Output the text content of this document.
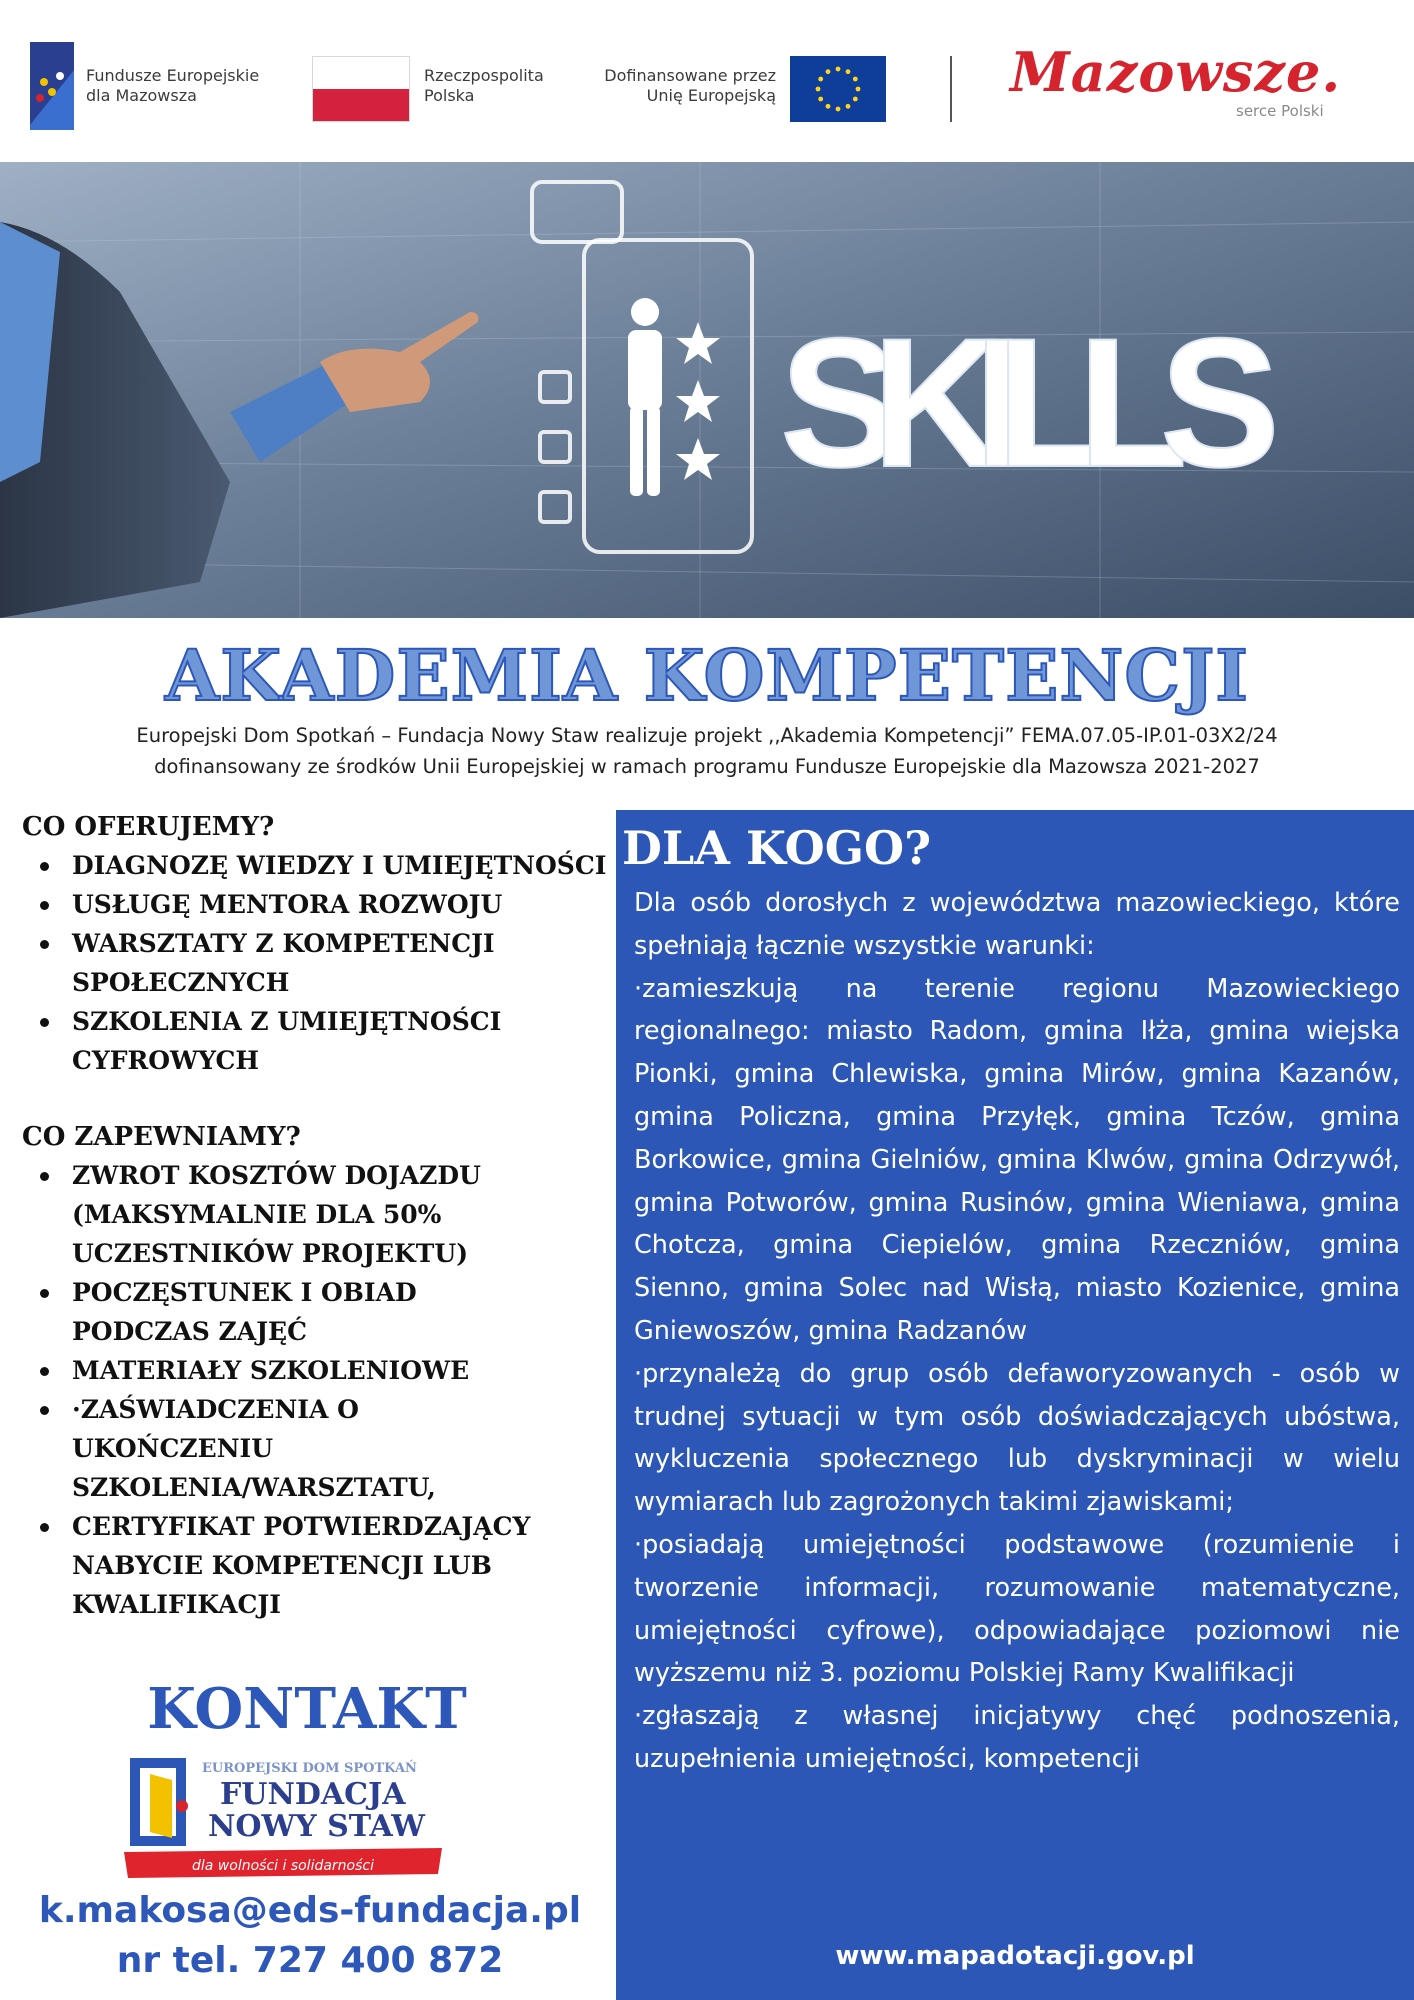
Fundusze Europejskie
dla Mazowsza
Rzeczpospolita
Polska
Dofinansowane przez
Unię Europejską	Mazowsze.
serce Polski
SKILLS
AKADEMIA KOMPETENCJI
Europejski Dom Spotkań – Fundacja Nowy Staw realizuje projekt ,,Akademia Kompetencji” FEMA.07.05-IP.01-03X2/24
dofinansowany ze środków Unii Europejskiej w ramach programu Fundusze Europejskie dla Mazowsza 2021-2027
CO OFERUJEMY?
DIAGNOZĘ WIEDZY I UMIEJĘTNOŚCI
USŁUGĘ MENTORA ROZWOJU
WARSZTATY Z KOMPETENCJI SPOŁECZNYCH
SZKOLENIA Z UMIEJĘTNOŚCI CYFROWYCH
CO ZAPEWNIAMY?
ZWROT KOSZTÓW DOJAZDU (MAKSYMALNIE DLA 50% UCZESTNIKÓW PROJEKTU)
POCZĘSTUNEK I OBIAD PODCZAS ZAJĘĆ
MATERIAŁY SZKOLENIOWE
·ZAŚWIADCZENIA O UKOŃCZENIU SZKOLENIA/WARSZTATU,
CERTYFIKAT POTWIERDZAJĄCY NABYCIE KOMPETENCJI LUB KWALIFIKACJI
KONTAKT
EUROPEJSKI DOM SPOTKAŃ
FUNDACJA
NOWY STAW
dla wolności i solidarności
k.makosa@eds-fundacja.pl
nr tel. 727 400 872
DLA KOGO?

Dla osób dorosłych z województwa mazowieckiego, które spełniają łącznie wszystkie warunki:

·zamieszkują na terenie regionu Mazowieckiego regionalnego: miasto Radom, gmina Iłża, gmina wiejska Pionki, gmina Chlewiska, gmina Mirów, gmina Kazanów, gmina Policzna, gmina Przyłęk, gmina Tczów, gmina Borkowice, gmina Gielniów, gmina Klwów, gmina Odrzywół, gmina Potworów, gmina Rusinów, gmina Wieniawa, gmina Chotcza, gmina Ciepielów, gmina Rzeczniów, gmina Sienno, gmina Solec nad Wisłą, miasto Kozienice, gmina Gniewoszów, gmina Radzanów

·przynależą do grup osób defaworyzowanych - osób w trudnej sytuacji w tym osób doświadczających ubóstwa, wykluczenia społecznego lub dyskryminacji w wielu wymiarach lub zagrożonych takimi zjawiskami;

·posiadają umiejętności podstawowe (rozumienie i tworzenie informacji, rozumowanie matematyczne, umiejętności cyfrowe), odpowiadające poziomowi nie wyższemu niż 3. poziomu Polskiej Ramy Kwalifikacji

·zgłaszają z własnej inicjatywy chęć podnoszenia, uzupełnienia umiejętności, kompetencji

www.mapadotacji.gov.pl
